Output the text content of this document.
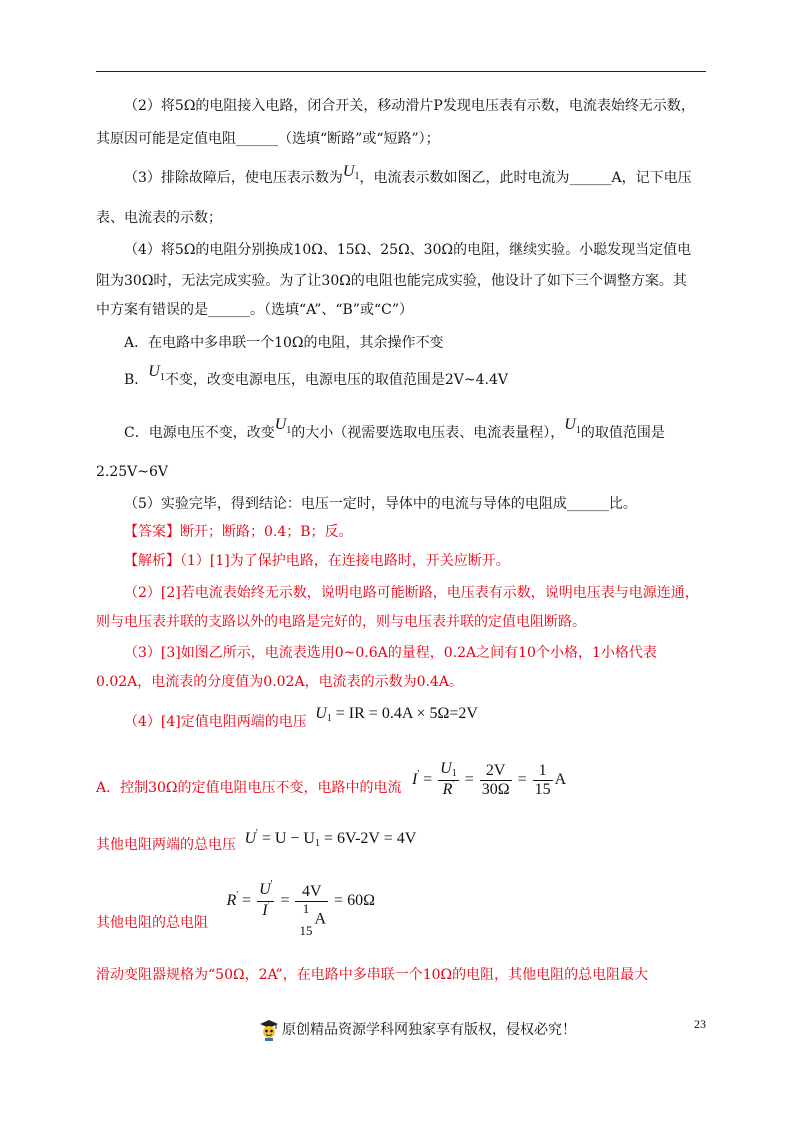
（2）将5Ω的电阻接入电路，闭合开关，移动滑片P发现电压表有示数，电流表始终无示数，
其原因可能是定值电阻______（选填“断路”或“短路”）；
（3）排除故障后，使电压表示数为$U^1$，电流表示数如图乙，此时电流为______A，记下电压
表、电流表的示数；
（4）将5Ω的电阻分别换成10Ω、15Ω、25Ω、30Ω的电阻，继续实验。小聪发现当定值电
阻为30Ω时，无法完成实验。为了让30Ω的电阻也能完成实验，他设计了如下三个调整方案。其
中方案有错误的是______。（选填“A”、“B”或“C”）
A．在电路中多串联一个10Ω的电阻，其余操作不变
B．$U^1$不变，改变电源电压，电源电压的取值范围是2V~4.4V
C．电源电压不变，改变$U^1$的大小（视需要选取电压表、电流表量程），$U^1$的取值范围是
2.25V~6V
（5）实验完毕，得到结论：电压一定时，导体中的电流与导体的电阻成______比。
【答案】断开；断路；0.4；B；反。
【解析】（1）[1]为了保护电路，在连接电路时，开关应断开。
（2）[2]若电流表始终无示数，说明电路可能断路，电压表有示数，说明电压表与电源连通，
则与电压表并联的支路以外的电路是完好的，则与电压表并联的定值电阻断路。
（3）[3]如图乙所示，电流表选用0~0.6A的量程，0.2A之间有10个小格，1小格代表
0.02A，电流表的分度值为0.02A，电流表的示数为0.4A。
（4）[4]定值电阻两端的电压 U1 = IR = 0.4A × 5Ω=2V
A．控制30Ω的定值电阻电压不变，电路中的电流 $I' = \frac{U1}{R'} = \frac{2V}{30\Omega} = \frac{1}{15}$ A
其他电阻两端的总电压 U' = U − U1 = 6V-2V = 4V
其他电阻的总电阻 $R' = \frac{U'}{I'} = 4V$
1
15
A = 60Ω
滑动变阻器规格为“50Ω，2A”，在电路中多串联一个10Ω的电阻，其他电阻的总电阻最大
23
原创精品资源学科网独家享有版权，侵权必究！
